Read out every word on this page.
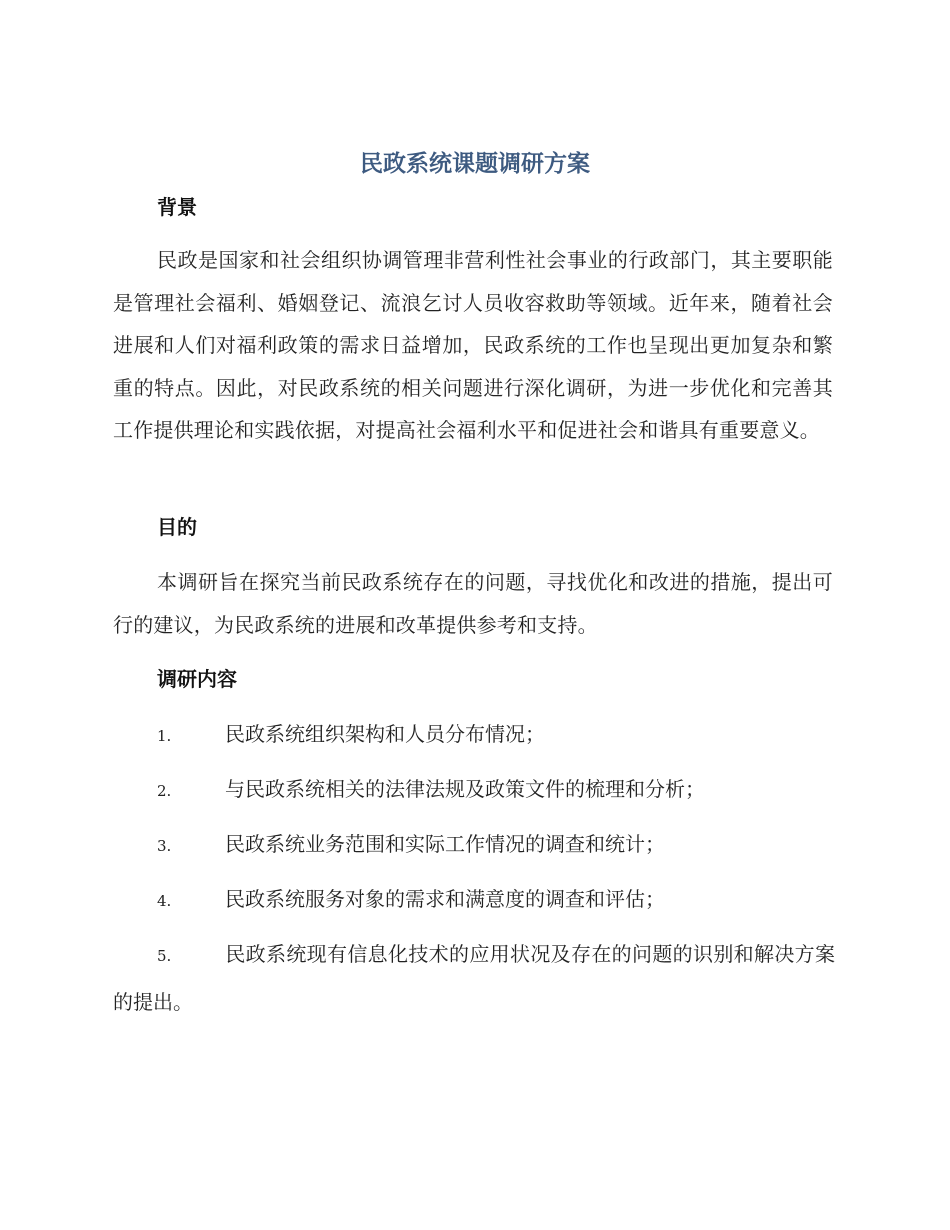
民政系统课题调研方案
背景
民政是国家和社会组织协调管理非营利性社会事业的行政部门，其主要职能是管理社会福利、婚姻登记、流浪乞讨人员收容救助等领域。近年来，随着社会进展和人们对福利政策的需求日益增加，民政系统的工作也呈现出更加复杂和繁重的特点。因此，对民政系统的相关问题进行深化调研，为进一步优化和完善其工作提供理论和实践依据，对提高社会福利水平和促进社会和谐具有重要意义。
目的
本调研旨在探究当前民政系统存在的问题，寻找优化和改进的措施，提出可行的建议，为民政系统的进展和改革提供参考和支持。
调研内容
1.	民政系统组织架构和人员分布情况；
2.	与民政系统相关的法律法规及政策文件的梳理和分析；
3.	民政系统业务范围和实际工作情况的调查和统计；
4.	民政系统服务对象的需求和满意度的调查和评估；
5.	民政系统现有信息化技术的应用状况及存在的问题的识别和解决方案的提出。
